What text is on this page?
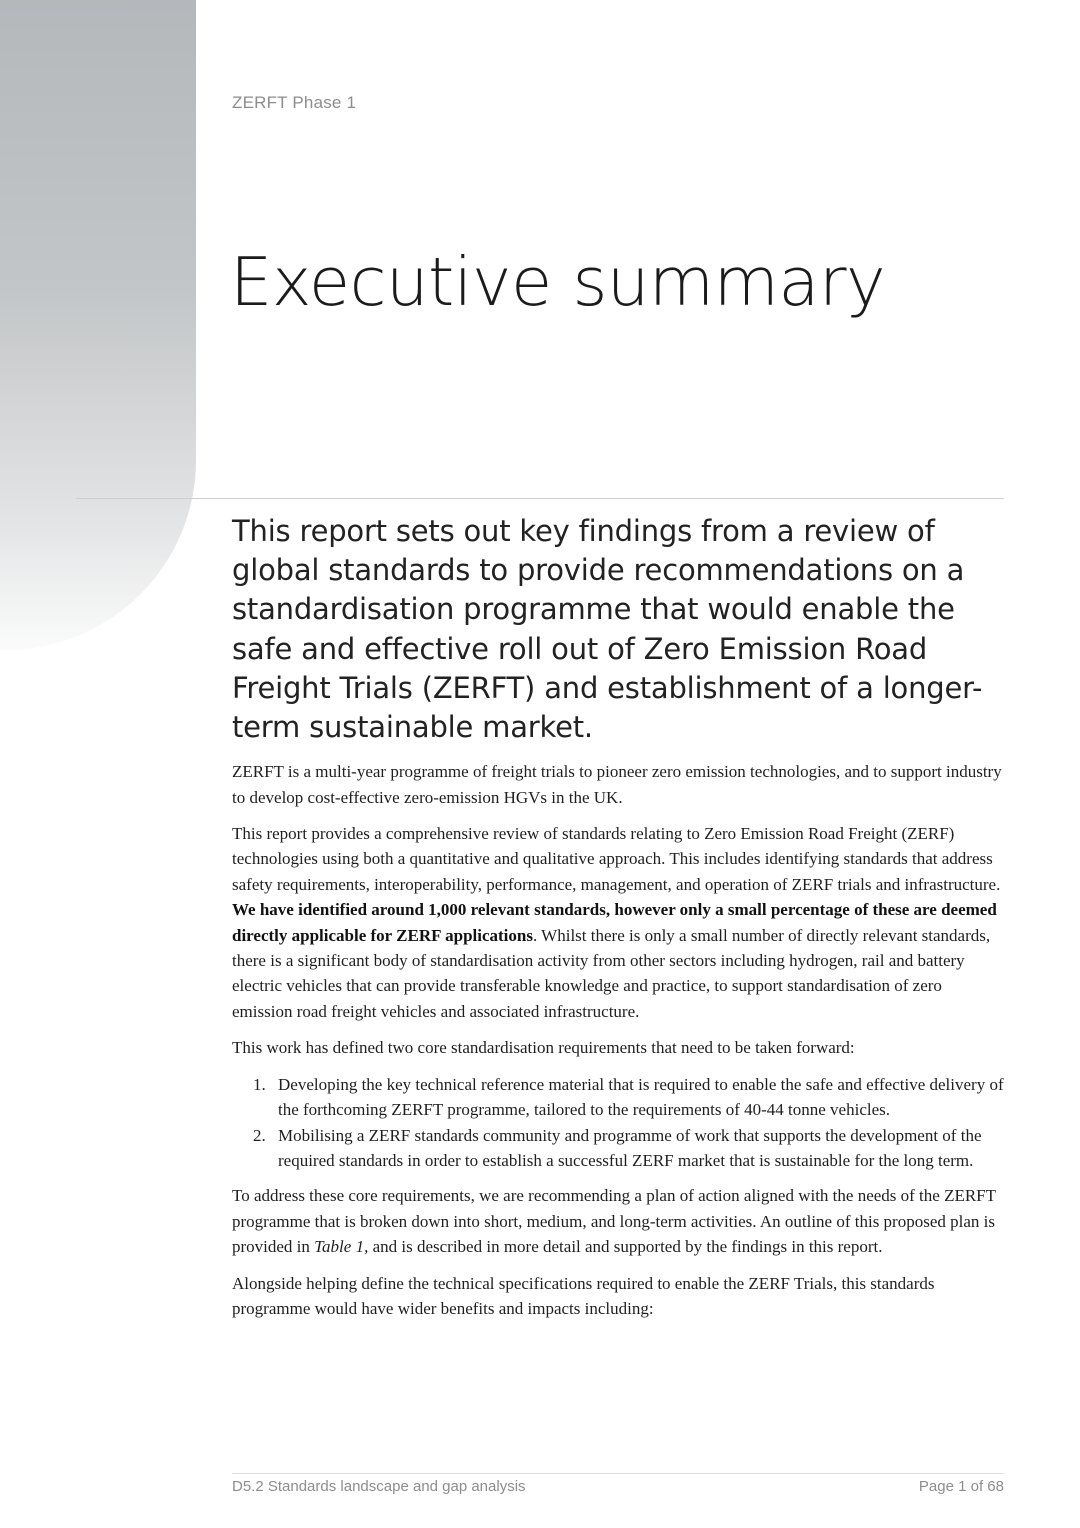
ZERFT Phase 1
Executive summary

This report sets out key findings from a review of global standards to provide recommendations on a standardisation programme that would enable the safe and effective roll out of Zero Emission Road Freight Trials (ZERFT) and establishment of a longer-term sustainable market.

ZERFT is a multi-year programme of freight trials to pioneer zero emission technologies, and to support industry to develop cost-effective zero-emission HGVs in the UK.

This report provides a comprehensive review of standards relating to Zero Emission Road Freight (ZERF) technologies using both a quantitative and qualitative approach. This includes identifying standards that address safety requirements, interoperability, performance, management, and operation of ZERF trials and infrastructure. We have identified around 1,000 relevant standards, however only a small percentage of these are deemed directly applicable for ZERF applications. Whilst there is only a small number of directly relevant standards, there is a significant body of standardisation activity from other sectors including hydrogen, rail and battery electric vehicles that can provide transferable knowledge and practice, to support standardisation of zero emission road freight vehicles and associated infrastructure.

This work has defined two core standardisation requirements that need to be taken forward:

1. Developing the key technical reference material that is required to enable the safe and effective delivery of the forthcoming ZERFT programme, tailored to the requirements of 40-44 tonne vehicles.
2. Mobilising a ZERF standards community and programme of work that supports the development of the required standards in order to establish a successful ZERF market that is sustainable for the long term.

To address these core requirements, we are recommending a plan of action aligned with the needs of the ZERFT programme that is broken down into short, medium, and long-term activities. An outline of this proposed plan is provided in Table 1, and is described in more detail and supported by the findings in this report.

Alongside helping define the technical specifications required to enable the ZERF Trials, this standards programme would have wider benefits and impacts including:

D5.2 Standards landscape and gap analysis	Page 1 of 68
